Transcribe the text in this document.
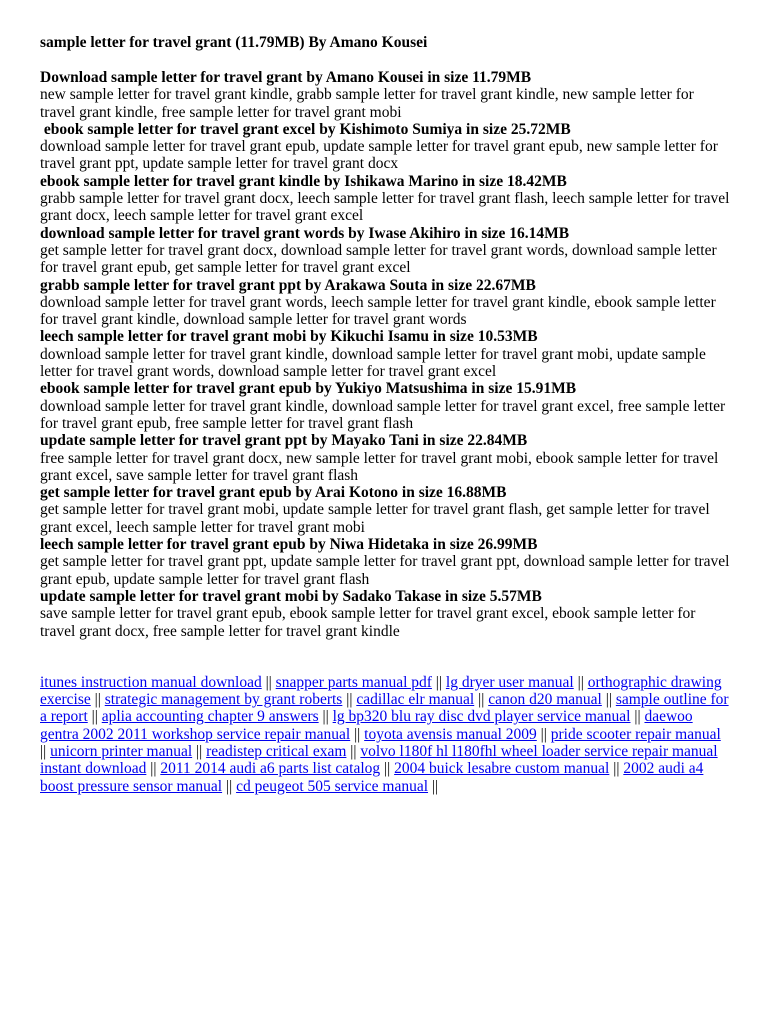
sample letter for travel grant (11.79MB) By Amano Kousei
Download sample letter for travel grant by Amano Kousei in size 11.79MB
new sample letter for travel grant kindle, grabb sample letter for travel grant kindle, new sample letter for travel grant kindle, free sample letter for travel grant mobi
ebook sample letter for travel grant excel by Kishimoto Sumiya in size 25.72MB
download sample letter for travel grant epub, update sample letter for travel grant epub, new sample letter for travel grant ppt, update sample letter for travel grant docx
ebook sample letter for travel grant kindle by Ishikawa Marino in size 18.42MB
grabb sample letter for travel grant docx, leech sample letter for travel grant flash, leech sample letter for travel grant docx, leech sample letter for travel grant excel
download sample letter for travel grant words by Iwase Akihiro in size 16.14MB
get sample letter for travel grant docx, download sample letter for travel grant words, download sample letter for travel grant epub, get sample letter for travel grant excel
grabb sample letter for travel grant ppt by Arakawa Souta in size 22.67MB
download sample letter for travel grant words, leech sample letter for travel grant kindle, ebook sample letter for travel grant kindle, download sample letter for travel grant words
leech sample letter for travel grant mobi by Kikuchi Isamu in size 10.53MB
download sample letter for travel grant kindle, download sample letter for travel grant mobi, update sample letter for travel grant words, download sample letter for travel grant excel
ebook sample letter for travel grant epub by Yukiyo Matsushima in size 15.91MB
download sample letter for travel grant kindle, download sample letter for travel grant excel, free sample letter for travel grant epub, free sample letter for travel grant flash
update sample letter for travel grant ppt by Mayako Tani in size 22.84MB
free sample letter for travel grant docx, new sample letter for travel grant mobi, ebook sample letter for travel grant excel, save sample letter for travel grant flash
get sample letter for travel grant epub by Arai Kotono in size 16.88MB
get sample letter for travel grant mobi, update sample letter for travel grant flash, get sample letter for travel grant excel, leech sample letter for travel grant mobi
leech sample letter for travel grant epub by Niwa Hidetaka in size 26.99MB
get sample letter for travel grant ppt, update sample letter for travel grant ppt, download sample letter for travel grant epub, update sample letter for travel grant flash
update sample letter for travel grant mobi by Sadako Takase in size 5.57MB
save sample letter for travel grant epub, ebook sample letter for travel grant excel, ebook sample letter for travel grant docx, free sample letter for travel grant kindle
itunes instruction manual download || snapper parts manual pdf || lg dryer user manual || orthographic drawing exercise || strategic management by grant roberts || cadillac elr manual || canon d20 manual || sample outline for a report || aplia accounting chapter 9 answers || lg bp320 blu ray disc dvd player service manual || daewoo gentra 2002 2011 workshop service repair manual || toyota avensis manual 2009 || pride scooter repair manual || unicorn printer manual || readistep critical exam || volvo l180f hl l180fhl wheel loader service repair manual instant download || 2011 2014 audi a6 parts list catalog || 2004 buick lesabre custom manual || 2002 audi a4 boost pressure sensor manual || cd peugeot 505 service manual ||
